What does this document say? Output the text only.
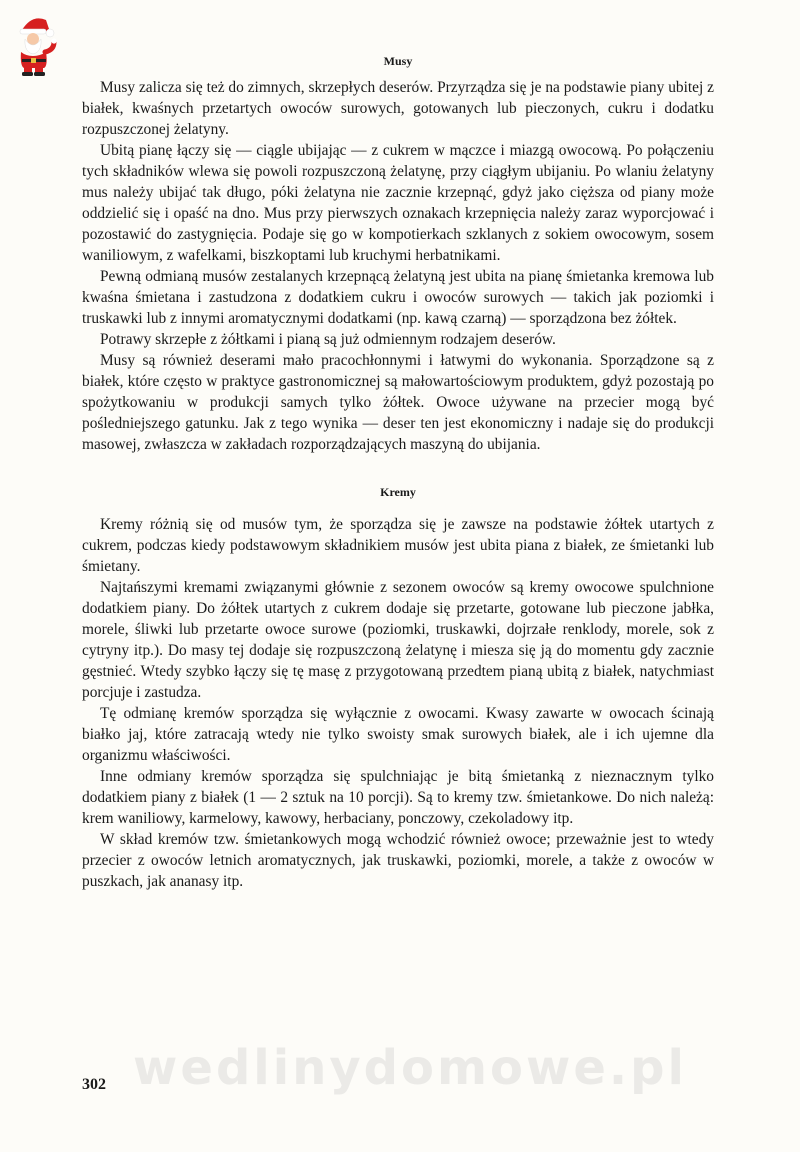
Musy

Musy zalicza się też do zimnych, skrzepłych deserów. Przyrządza się je na podstawie piany ubitej z białek, kwaśnych przetartych owoców surowych, gotowanych lub pieczonych, cukru i dodatku rozpuszczonej żelatyny.

Ubitą pianę łączy się — ciągle ubijając — z cukrem w mączce i miazgą owocową. Po połączeniu tych składników wlewa się powoli rozpuszczoną żelatynę, przy ciągłym ubijaniu. Po wlaniu żelatyny mus należy ubijać tak długo, póki żelatyna nie zacznie krzepnąć, gdyż jako cięższa od piany może oddzielić się i opaść na dno. Mus przy pierwszych oznakach krzepnięcia należy zaraz wyporcjować i pozostawić do zastygnięcia. Podaje się go w kompotierkach szklanych z sokiem owocowym, sosem waniliowym, z wafelkami, biszkoptami lub kruchymi herbatnikami.

Pewną odmianą musów zestalanych krzepnącą żelatyną jest ubita na pianę śmietanka kremowa lub kwaśna śmietana i zastudzona z dodatkiem cukru i owoców surowych — takich jak poziomki i truskawki lub z innymi aromatycznymi dodatkami (np. kawą czarną) — sporządzona bez żółtek.

Potrawy skrzepłe z żółtkami i pianą są już odmiennym rodzajem deserów.

Musy są również deserami mało pracochłonnymi i łatwymi do wykonania. Sporządzone są z białek, które często w praktyce gastronomicznej są małowartościowym produktem, gdyż pozostają po spożytkowaniu w produkcji samych tylko żółtek. Owoce używane na przecier mogą być pośledniejszego gatunku. Jak z tego wynika — deser ten jest ekonomiczny i nadaje się do produkcji masowej, zwłaszcza w zakładach rozporządzających maszyną do ubijania.

Kremy

Kremy różnią się od musów tym, że sporządza się je zawsze na podstawie żółtek utartych z cukrem, podczas kiedy podstawowym składnikiem musów jest ubita piana z białek, ze śmietanki lub śmietany.

Najtańszymi kremami związanymi głównie z sezonem owoców są kremy owocowe spulchnione dodatkiem piany. Do żółtek utartych z cukrem dodaje się przetarte, gotowane lub pieczone jabłka, morele, śliwki lub przetarte owoce surowe (poziomki, truskawki, dojrzałe renklody, morele, sok z cytryny itp.). Do masy tej dodaje się rozpuszczoną żelatynę i miesza się ją do momentu gdy zacznie gęstnieć. Wtedy szybko łączy się tę masę z przygotowaną przedtem pianą ubitą z białek, natychmiast porcjuje i zastudza.

Tę odmianę kremów sporządza się wyłącznie z owocami. Kwasy zawarte w owocach ścinają białko jaj, które zatracają wtedy nie tylko swoisty smak surowych białek, ale i ich ujemne dla organizmu właściwości.

Inne odmiany kremów sporządza się spulchniając je bitą śmietanką z nieznacznym tylko dodatkiem piany z białek (1 — 2 sztuk na 10 porcji). Są to kremy tzw. śmietankowe. Do nich należą: krem waniliowy, karmelowy, kawowy, herbaciany, ponczowy, czekoladowy itp.

W skład kremów tzw. śmietankowych mogą wchodzić również owoce; przeważnie jest to wtedy przecier z owoców letnich aromatycznych, jak truskawki, poziomki, morele, a także z owoców w puszkach, jak ananasy itp.

wedlinydomowe.pl
302
